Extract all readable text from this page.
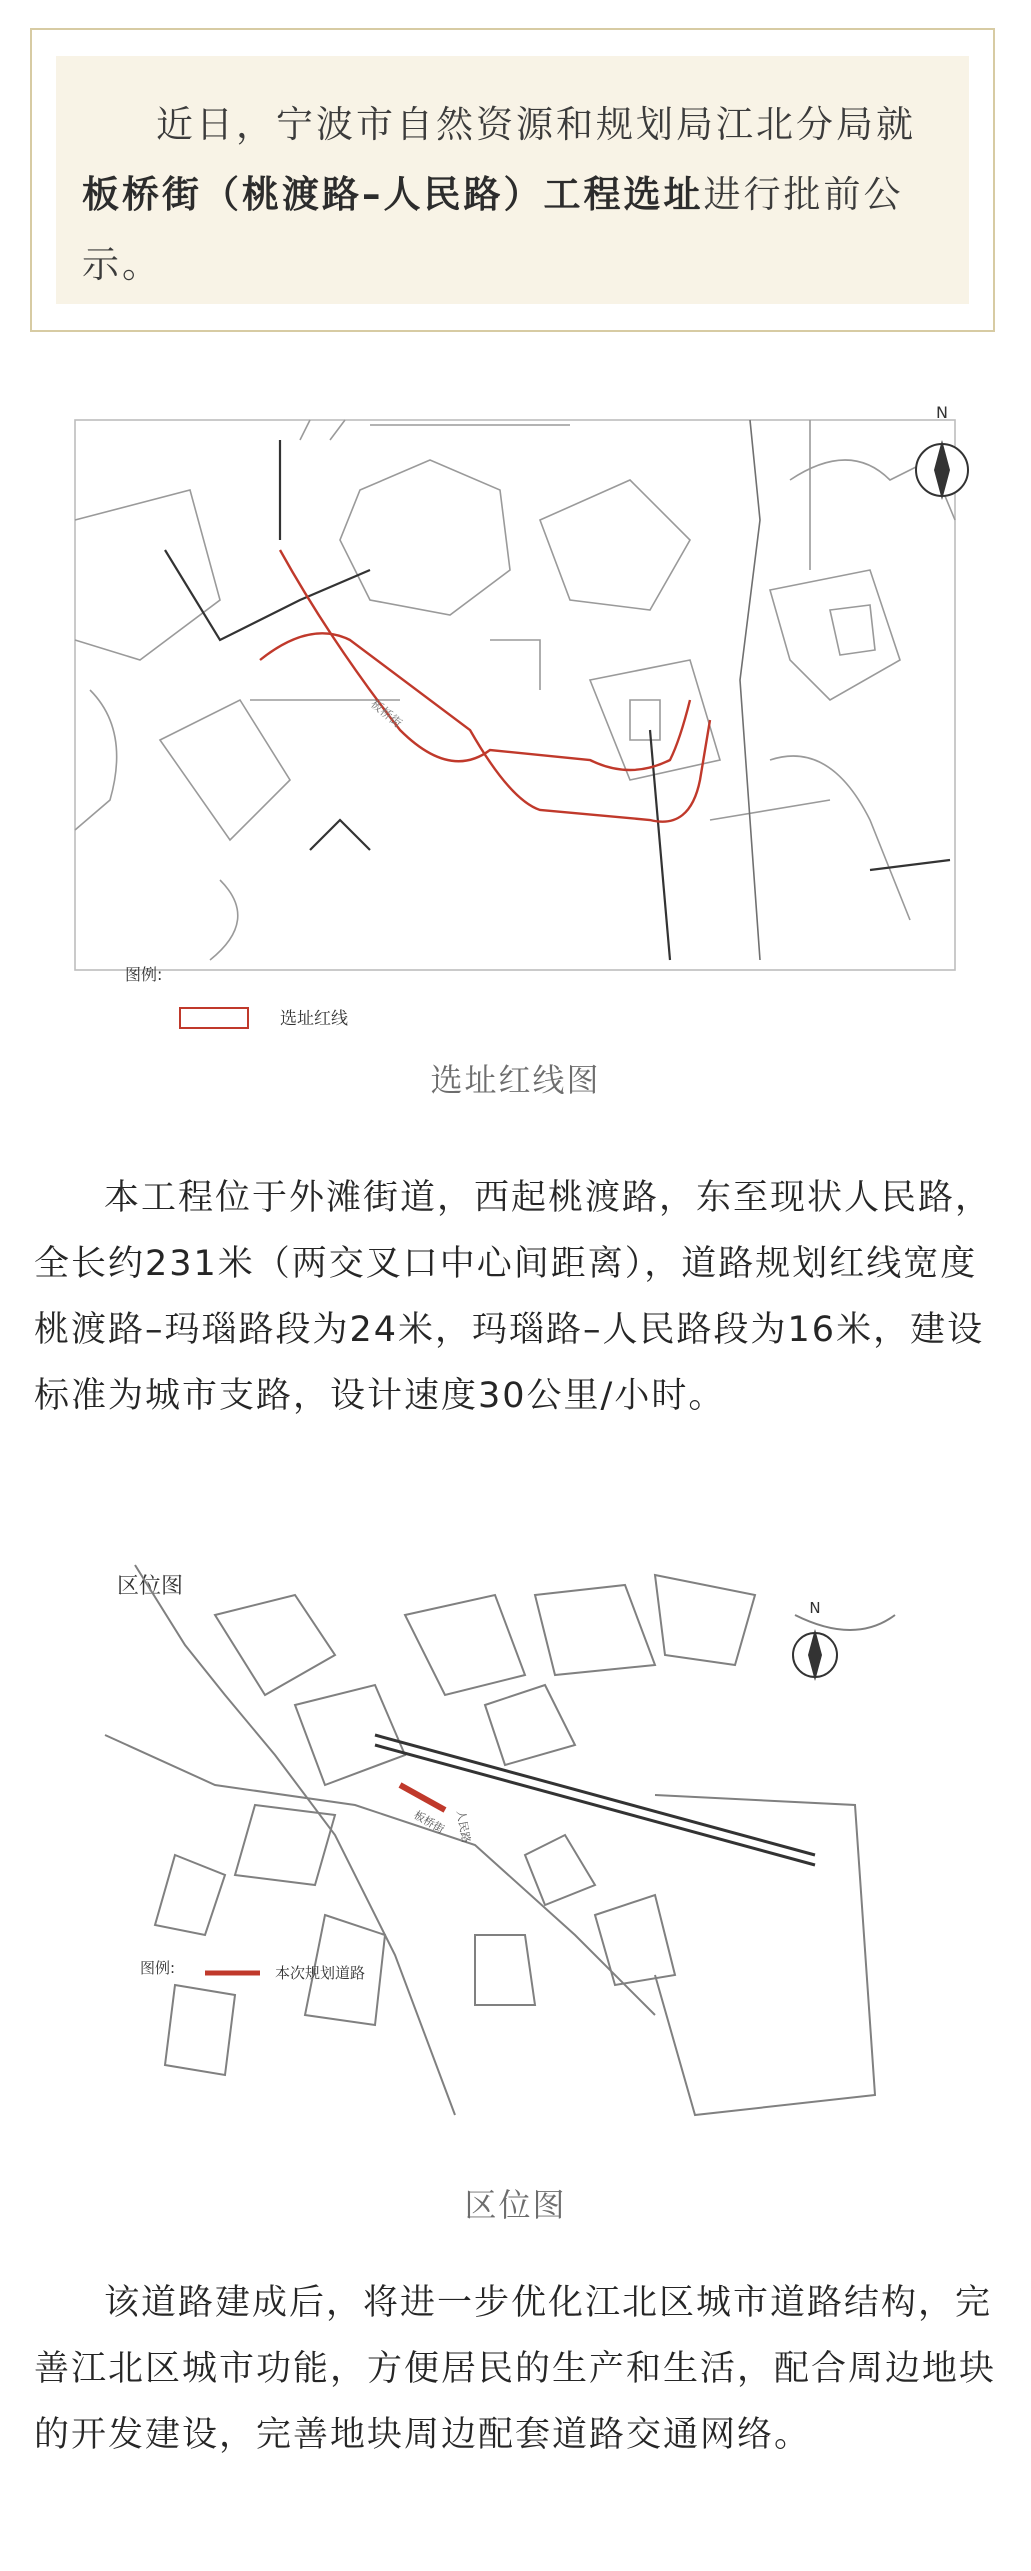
近日，宁波市自然资源和规划局江北分局就板桥街（桃渡路–人民路）工程选址进行批前公示。

板桥街
N
图例:
选址红线
选址红线图

本工程位于外滩街道，西起桃渡路，东至现状人民路，全长约231米（两交叉口中心间距离），道路规划红线宽度桃渡路–玛瑙路段为24米，玛瑙路–人民路段为16米，建设标准为城市支路，设计速度30公里/小时。

区位图
板桥街 人民路
N
图例:	本次规划道路
区位图

该道路建成后，将进一步优化江北区城市道路结构，完善江北区城市功能，方便居民的生产和生活，配合周边地块的开发建设，完善地块周边配套道路交通网络。
